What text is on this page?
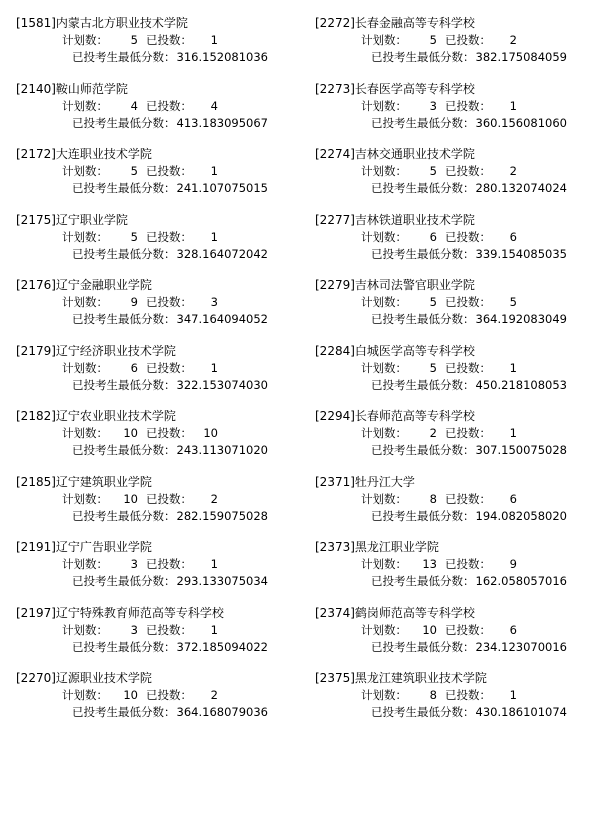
[1581]内蒙古北方职业技术学院
计划数：	5 已投数：	1
已投考生最低分数： 316.152081036
[2140]鞍山师范学院
计划数：	4 已投数：	4
已投考生最低分数： 413.183095067
[2172]大连职业技术学院
计划数：	5 已投数：	1
已投考生最低分数： 241.107075015
[2175]辽宁职业学院
计划数：	5 已投数：	1
已投考生最低分数： 328.164072042
[2176]辽宁金融职业学院
计划数：	9 已投数：	3
已投考生最低分数： 347.164094052
[2179]辽宁经济职业技术学院
计划数：	6 已投数：	1
已投考生最低分数： 322.153074030
[2182]辽宁农业职业技术学院
计划数：	10 已投数： 10
已投考生最低分数： 243.113071020
[2185]辽宁建筑职业学院
计划数：	10 已投数：	2
已投考生最低分数： 282.159075028
[2191]辽宁广告职业学院
计划数：	3 已投数：	1
已投考生最低分数： 293.133075034
[2197]辽宁特殊教育师范高等专科学校
计划数：	3 已投数：	1
已投考生最低分数： 372.185094022
[2270]辽源职业技术学院
计划数：	10 已投数：	2
已投考生最低分数： 364.168079036
[2272]长春金融高等专科学校
计划数：	5 已投数：	2
已投考生最低分数： 382.175084059
[2273]长春医学高等专科学校
计划数：	3 已投数：	1
已投考生最低分数： 360.156081060
[2274]吉林交通职业技术学院
计划数：	5 已投数：	2
已投考生最低分数： 280.132074024
[2277]吉林铁道职业技术学院
计划数：	6 已投数：	6
已投考生最低分数： 339.154085035
[2279]吉林司法警官职业学院
计划数：	5 已投数：	5
已投考生最低分数： 364.192083049
[2284]白城医学高等专科学校
计划数：	5 已投数：	1
已投考生最低分数： 450.218108053
[2294]长春师范高等专科学校
计划数：	2 已投数：	1
已投考生最低分数： 307.150075028
[2371]牡丹江大学
计划数：	8 已投数：	6
已投考生最低分数： 194.082058020
[2373]黑龙江职业学院
计划数：	13 已投数：	9
已投考生最低分数： 162.058057016
[2374]鹤岗师范高等专科学校
计划数：	10 已投数：	6
已投考生最低分数： 234.123070016
[2375]黑龙江建筑职业技术学院
计划数：	8 已投数：	1
已投考生最低分数： 430.186101074
